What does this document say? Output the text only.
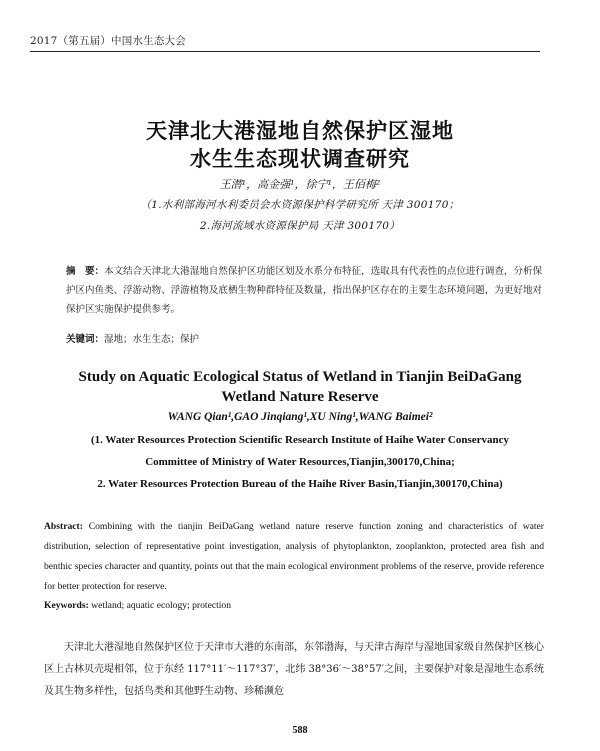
2017（第五届）中国水生态大会
天津北大港湿地自然保护区湿地
水生生态现状调查研究
王潜¹，高金强¹，徐宁¹，王佰梅²
（1.水利部海河水利委员会水资源保护科学研究所 天津 300170；
2.海河流域水资源保护局 天津 300170）
摘　要：本文结合天津北大港湿地自然保护区功能区划及水系分布特征，选取具有代表性的点位进行调查，分析保护区内鱼类、浮游动物、浮游植物及底栖生物种群特征及数量，指出保护区存在的主要生态环境问题，为更好地对保护区实施保护提供参考。
关键词：湿地；水生生态；保护
Study on Aquatic Ecological Status of Wetland in Tianjin BeiDaGang
Wetland Nature Reserve
WANG Qian¹,GAO Jinqiang¹,XU Ning¹,WANG Baimei²
(1. Water Resources Protection Scientific Research Institute of Haihe Water Conservancy
Committee of Ministry of Water Resources,Tianjin,300170,China;
2. Water Resources Protection Bureau of the Haihe River Basin,Tianjin,300170,China)
Abstract: Combining with the tianjin BeiDaGang wetland nature reserve function zoning and characteristics of water distribution, selection of representative point investigation, analysis of phytoplankton, zooplankton, protected area fish and benthic species character and quantity, points out that the main ecological environment problems of the reserve, provide reference for better protection for reserve.
Keywords: wetland; aquatic ecology; protection
天津北大港湿地自然保护区位于天津市大港的东南部，东邻渤海，与天津古海岸与湿地国家级自然保护区核心区上古林贝壳堤相邻，位于东经 117°11′～117°37′，北纬 38°36′～38°57′之间，主要保护对象是湿地生态系统及其生物多样性，包括鸟类和其他野生动物、珍稀濒危
588
